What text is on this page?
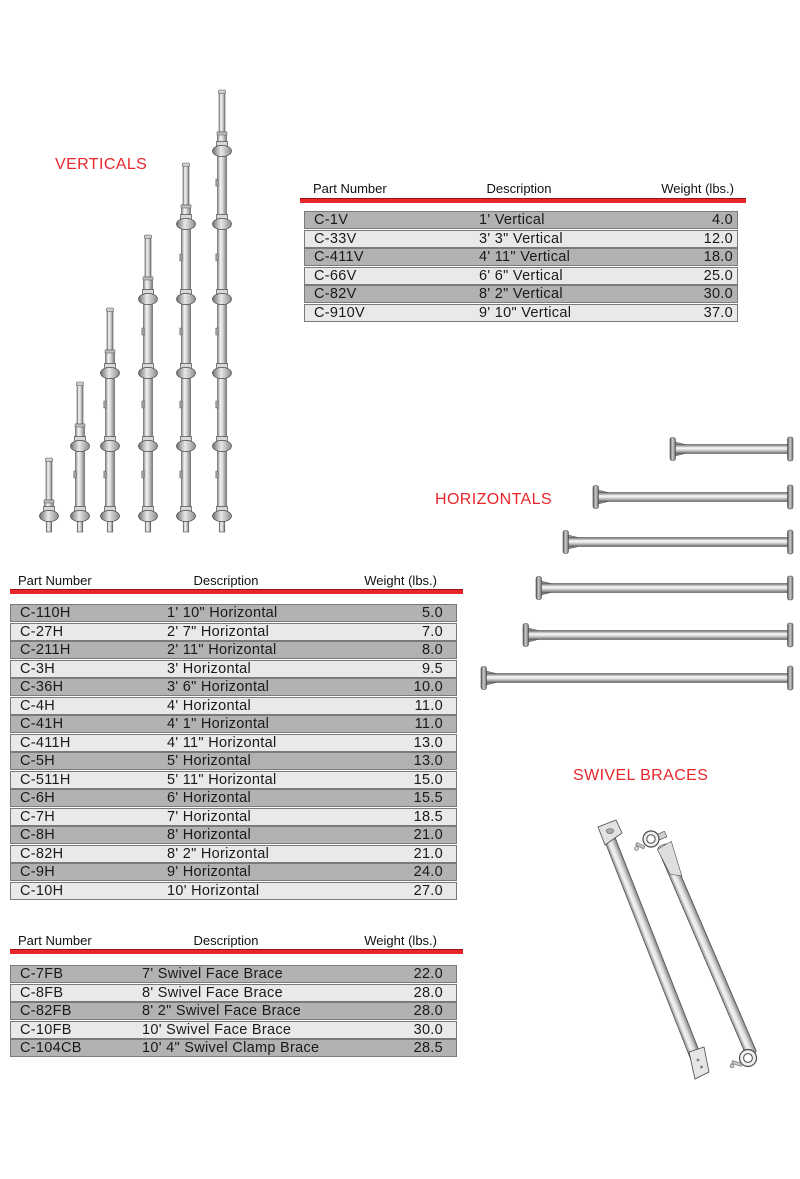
VERTICALS
Part Number	Description	Weight (lbs.)
C-1V	1' Vertical	4.0
C-33V	3' 3" Vertical	12.0
C-411V	4' 11" Vertical	18.0
C-66V	6' 6" Vertical	25.0
C-82V	8' 2" Vertical	30.0
C-910V	9' 10" Vertical	37.0
HORIZONTALS
Part Number	Description	Weight (lbs.)
C-110H	1' 10" Horizontal	5.0
C-27H	2' 7" Horizontal	7.0
C-211H	2' 11" Horizontal	8.0
C-3H	3' Horizontal	9.5
C-36H	3' 6" Horizontal	10.0
C-4H	4' Horizontal	11.0
C-41H	4' 1" Horizontal	11.0
C-411H	4' 11" Horizontal	13.0
C-5H	5' Horizontal	13.0
C-511H	5' 11" Horizontal	15.0
C-6H	6' Horizontal	15.5
C-7H	7' Horizontal	18.5
C-8H	8' Horizontal	21.0
C-82H	8' 2" Horizontal	21.0
C-9H	9' Horizontal	24.0
C-10H	10' Horizontal	27.0
SWIVEL BRACES
Part Number	Description	Weight (lbs.)
C-7FB	7' Swivel Face Brace	22.0
C-8FB	8' Swivel Face Brace	28.0
C-82FB	8' 2" Swivel Face Brace	28.0
C-10FB	10' Swivel Face Brace	30.0
C-104CB	10' 4" Swivel Clamp Brace	28.5
